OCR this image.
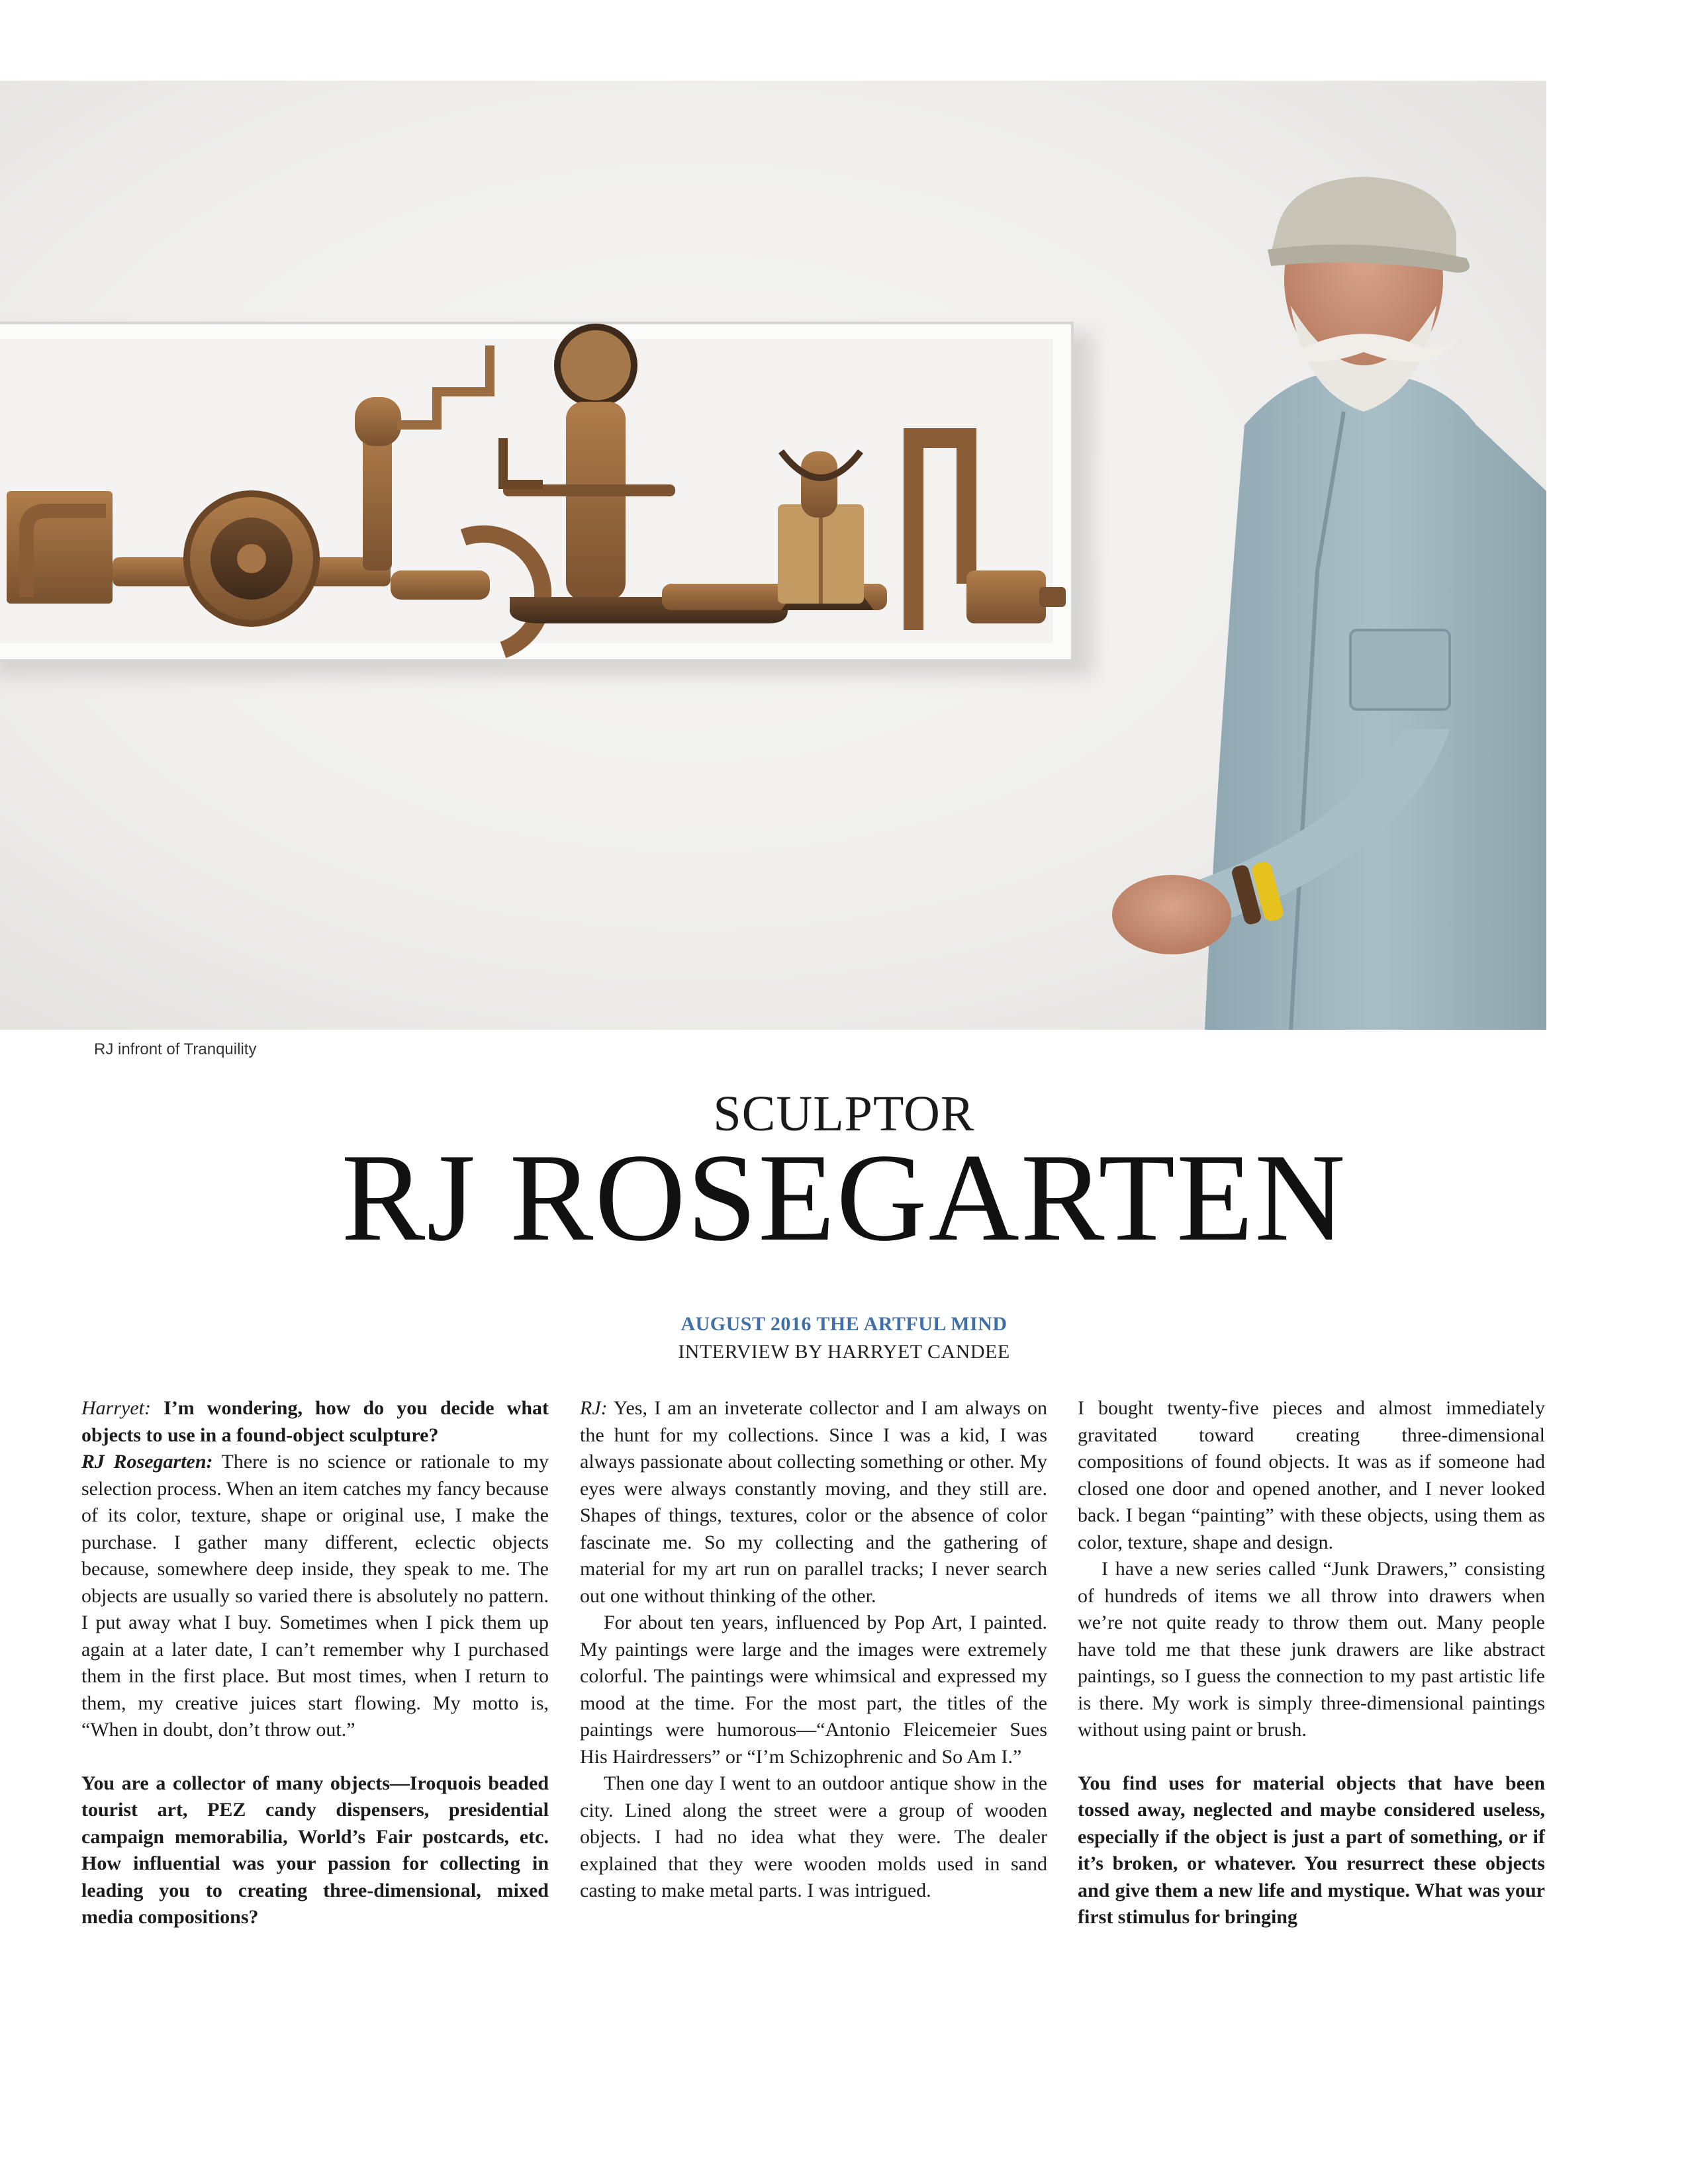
RJ infront of Tranquility
SCULPTOR
RJ ROSEGARTEN
AUGUST 2016 THE ARTFUL MIND
INTERVIEW BY HARRYET CANDEE

Harryet: I’m wondering, how do you decide what objects to use in a found-object sculpture?

RJ Rosegarten: There is no science or rationale to my selection process. When an item catches my fancy because of its color, texture, shape or original use, I make the purchase. I gather many different, eclectic objects because, somewhere deep inside, they speak to me. The objects are usually so varied there is absolutely no pattern. I put away what I buy. Sometimes when I pick them up again at a later date, I can’t remember why I purchased them in the first place. But most times, when I return to them, my creative juices start flowing. My motto is, “When in doubt, don’t throw out.”

You are a collector of many objects—Iroquois beaded tourist art, PEZ candy dispensers, presidential campaign memorabilia, World’s Fair postcards, etc. How influential was your passion for collecting in leading you to creating three-dimensional, mixed media compositions?

RJ: Yes, I am an inveterate collector and I am always on the hunt for my collections. Since I was a kid, I was always passionate about collecting something or other. My eyes were always constantly moving, and they still are. Shapes of things, textures, color or the absence of color fascinate me. So my collecting and the gathering of material for my art run on parallel tracks; I never search out one without thinking of the other.

For about ten years, influenced by Pop Art, I painted. My paintings were large and the images were extremely colorful. The paintings were whimsical and expressed my mood at the time. For the most part, the titles of the paintings were humorous—“Antonio Fleicemeier Sues His Hairdressers” or “I’m Schizophrenic and So Am I.”

Then one day I went to an outdoor antique show in the city. Lined along the street were a group of wooden objects. I had no idea what they were. The dealer explained that they were wooden molds used in sand casting to make metal parts. I was intrigued.

I bought twenty-five pieces and almost immediately gravitated toward creating three-dimensional compositions of found objects. It was as if someone had closed one door and opened another, and I never looked back. I began “painting” with these objects, using them as color, texture, shape and design.

I have a new series called “Junk Drawers,” consisting of hundreds of items we all throw into drawers when we’re not quite ready to throw them out. Many people have told me that these junk drawers are like abstract paintings, so I guess the connection to my past artistic life is there. My work is simply three-dimensional paintings without using paint or brush.

You find uses for material objects that have been tossed away, neglected and maybe considered useless, especially if the object is just a part of something, or if it’s broken, or whatever. You resurrect these objects and give them a new life and mystique. What was your first stimulus for bringing
